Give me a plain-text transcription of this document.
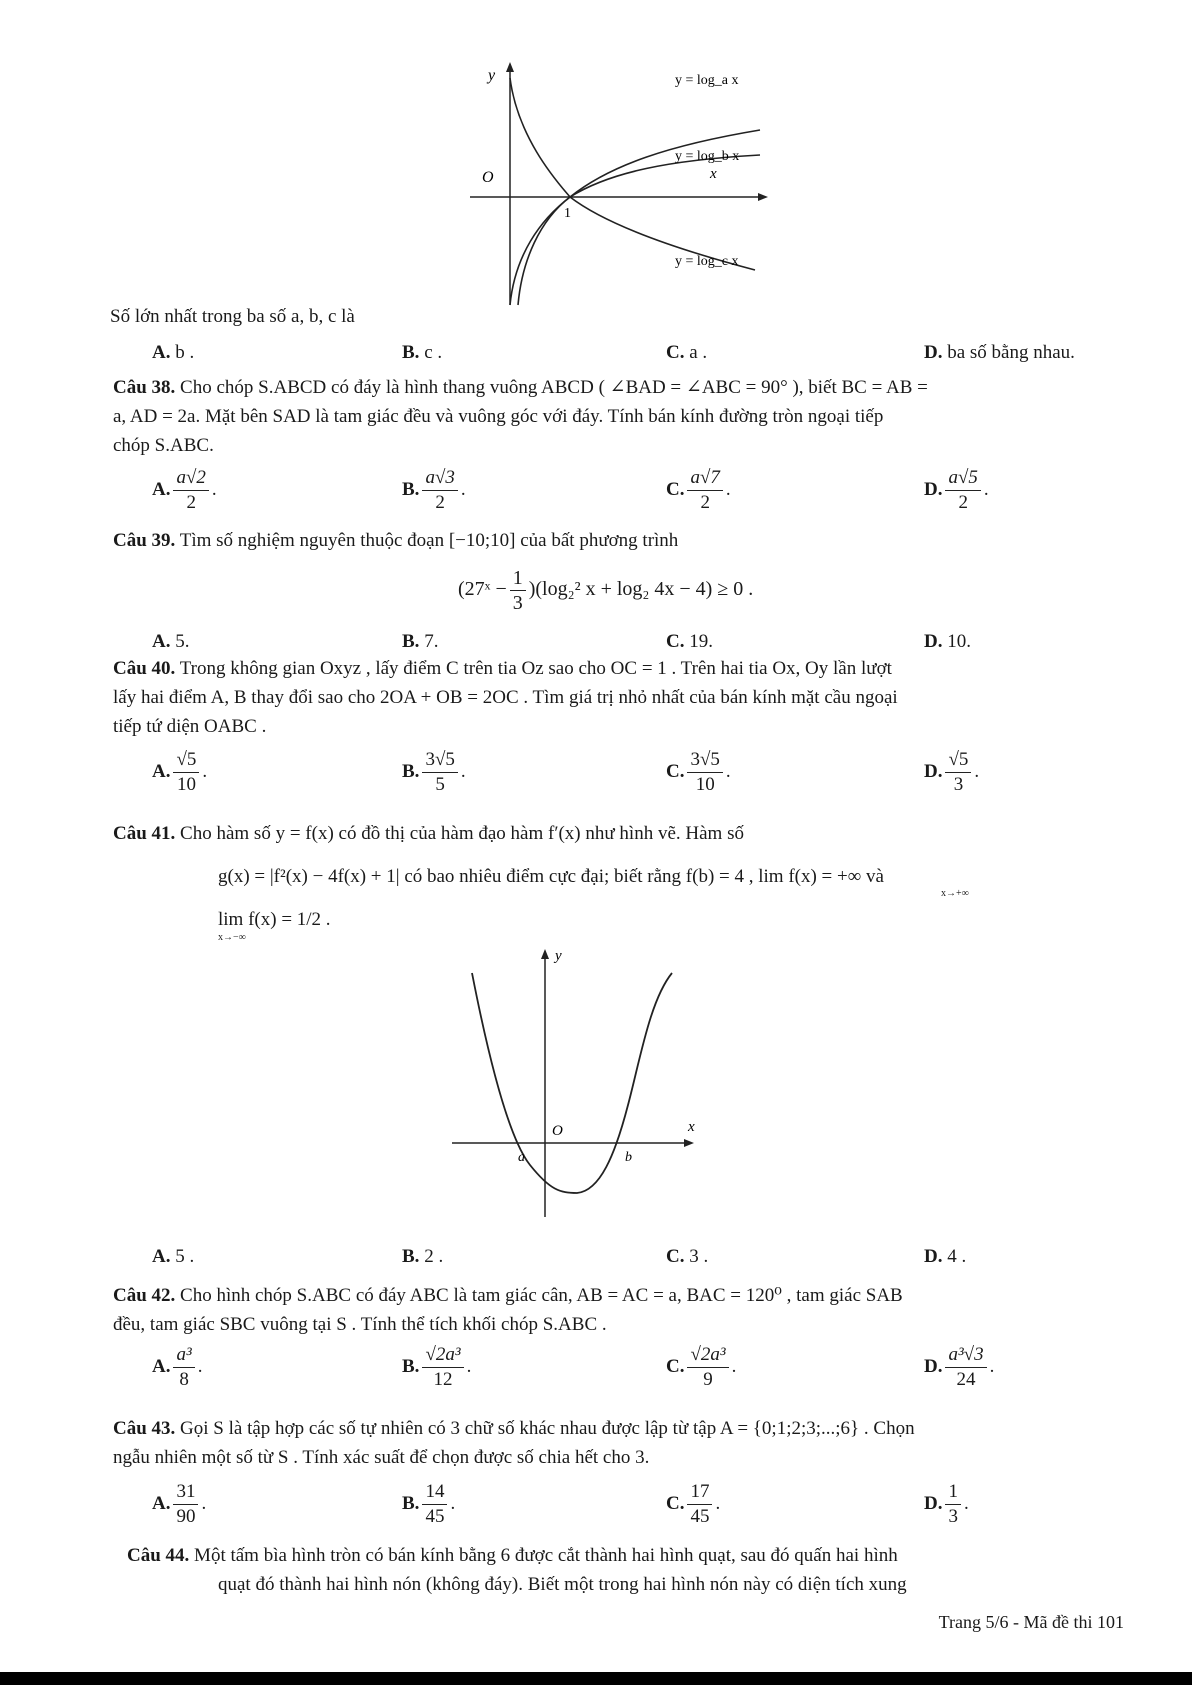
y
O
1
x
y = log_a x
y = log_b x
y = log_c x
Số lớn nhất trong ba số a, b, c là
A. b .	B. c .	C. a .	D. ba số bằng nhau.
Câu 38. Cho chóp S.ABCD có đáy là hình thang vuông ABCD ( ∠BAD = ∠ABC = 90° ), biết BC = AB =
a, AD = 2a. Mặt bên SAD là tam giác đều và vuông góc với đáy. Tính bán kính đường tròn ngoại tiếp
chóp S.ABC.
A. $\frac{a√2}{2}$ .	B. $\frac{a√3}{2}$ .	C. $\frac{a√7}{2}$ .	D. $\frac{a√5}{2}$ .
Câu 39. Tìm số nghiệm nguyên thuộc đoạn [−10;10] của bất phương trình
(27ˣ − $\frac{1}{3} )(\log_2^2$ x + log₂ 4x − 4) ≥ 0 .
A. 5.	B. 7.	C. 19.	D. 10.
Câu 40. Trong không gian Oxyz , lấy điểm C trên tia Oz sao cho OC = 1 . Trên hai tia Ox, Oy lần lượt
lấy hai điểm A, B thay đổi sao cho 2OA + OB = 2OC . Tìm giá trị nhỏ nhất của bán kính mặt cầu ngoại
tiếp tứ diện OABC .
A. $\frac{√5}{10}$ .	B. $\frac{3√5}{5}$ .	C. $\frac{3√5}{10}$ .	D. $\frac{√5}{3}$ .
Câu 41. Cho hàm số y = f(x) có đồ thị của hàm đạo hàm f′(x) như hình vẽ. Hàm số
g(x) = |f²(x) − 4f(x) + 1| có bao nhiêu điểm cực đại; biết rằng f(b) = 4 , lim f(x) = +∞ và
x→+∞
lim f(x) = 1/2 .
x→−∞
y
O	x
a	b
A. 5 .	B. 2 .	C. 3 .	D. 4 .
Câu 42. Cho hình chóp S.ABC có đáy ABC là tam giác cân, AB = AC = a, BAC = 120⁰ , tam giác SAB
đều, tam giác SBC vuông tại S . Tính thể tích khối chóp S.ABC .
A. $\frac{\text{a³}}{8}$ .	B. $\frac{\text{√2a³}}{12}$ .	C. $\frac{\text{√2a³}}{9}$ .	D. $\frac{\text{a³√3}}{24}$ .
Câu 43. Gọi S là tập hợp các số tự nhiên có 3 chữ số khác nhau được lập từ tập A = {0;1;2;3;...;6} . Chọn
ngẫu nhiên một số từ S . Tính xác suất để chọn được số chia hết cho 3.
A. $\frac{31}{90}$ .	B. $\frac{14}{45}$ .	C. $\frac{17}{45}$ .	D. $\frac{1}{3}$ .
Câu 44. Một tấm bìa hình tròn có bán kính bằng 6 được cắt thành hai hình quạt, sau đó quấn hai hình
quạt đó thành hai hình nón (không đáy). Biết một trong hai hình nón này có diện tích xung
Trang 5/6 - Mã đề thi 101
